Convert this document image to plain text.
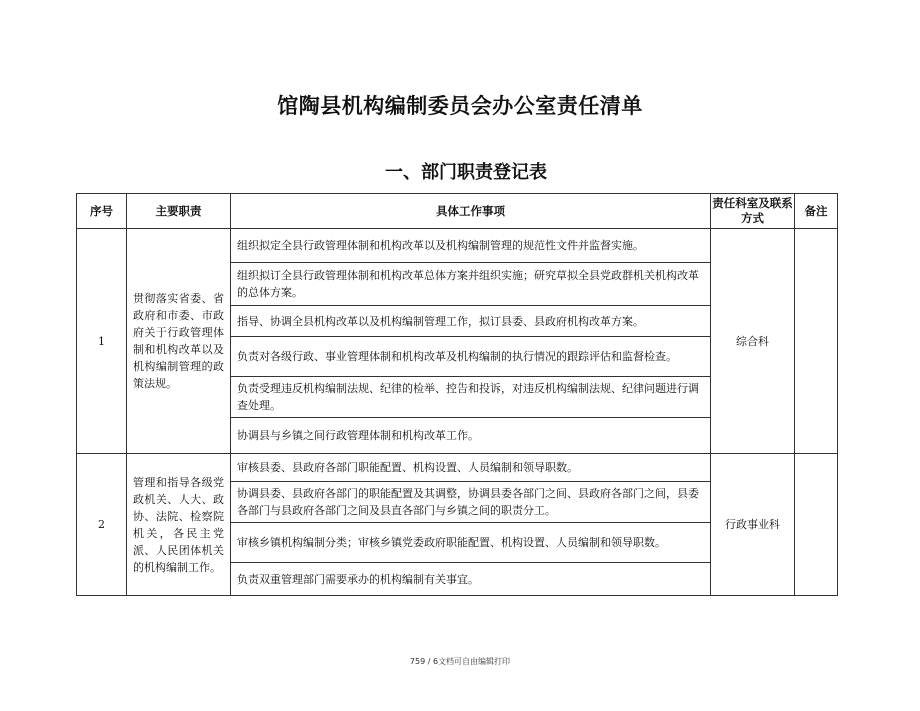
馆陶县机构编制委员会办公室责任清单
一、部门职责登记表
序号	主要职责	具体工作事项	责任科室及联系方式	备注
1	贯彻落实省委、省政府和市委、市政府关于行政管理体制和机构改革以及机构编制管理的政策法规。	组织拟定全县行政管理体制和机构改革以及机构编制管理的规范性文件并监督实施。	综合科	
		组织拟订全县行政管理体制和机构改革总体方案并组织实施；研究草拟全县党政群机关机构改革的总体方案。		
		指导、协调全县机构改革以及机构编制管理工作，拟订县委、县政府机构改革方案。		
		负责对各级行政、事业管理体制和机构改革及机构编制的执行情况的跟踪评估和监督检查。		
		负责受理违反机构编制法规、纪律的检举、控告和投诉，对违反机构编制法规、纪律问题进行调查处理。		
		协调县与乡镇之间行政管理体制和机构改革工作。		
2	管理和指导各级党政机关、人大、政协、法院、检察院机关，各民主党派、人民团体机关的机构编制工作。	审核县委、县政府各部门职能配置、机构设置、人员编制和领导职数。	行政事业科	
		协调县委、县政府各部门的职能配置及其调整，协调县委各部门之间、县政府各部门之间，县委各部门与县政府各部门之间及县直各部门与乡镇之间的职责分工。		
		审核乡镇机构编制分类；审核乡镇党委政府职能配置、机构设置、人员编制和领导职数。		
		负责双重管理部门需要承办的机构编制有关事宜。		
759 / 6文档可自由编辑打印
